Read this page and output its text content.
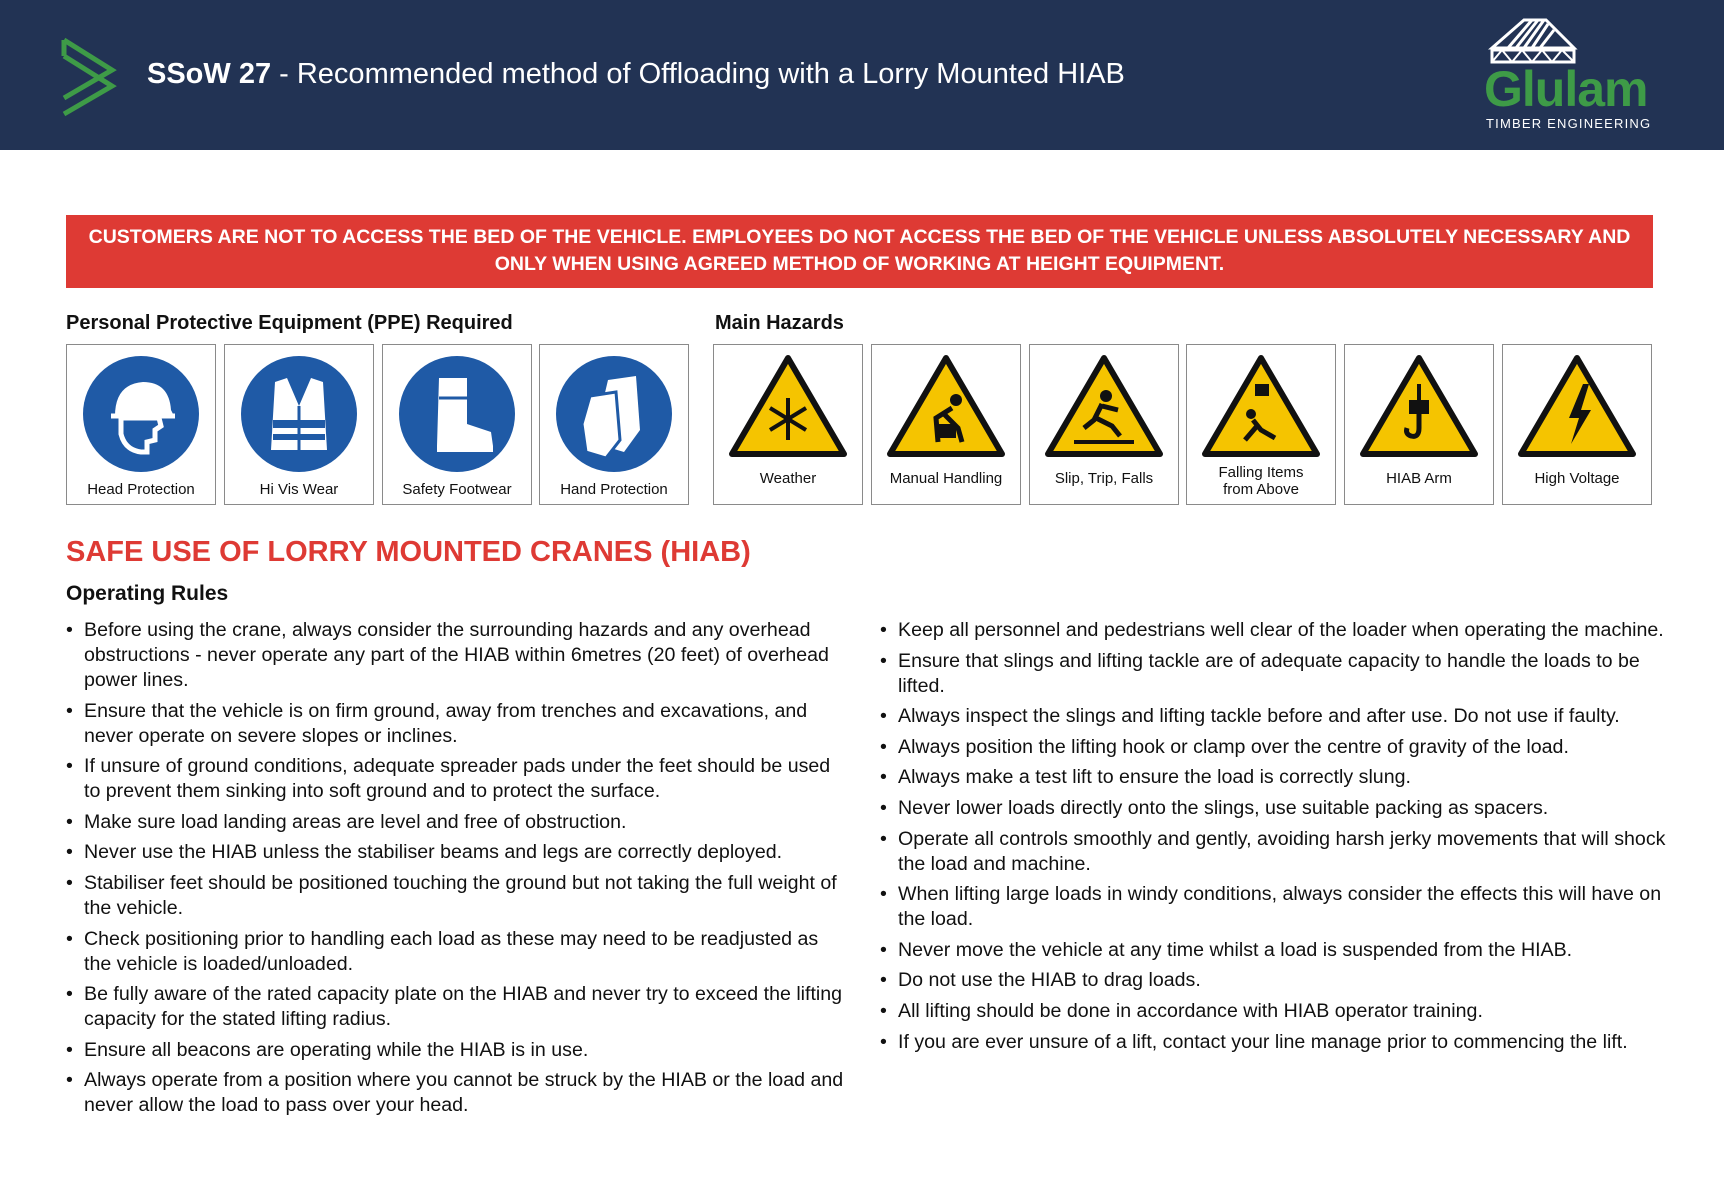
SSoW 27 - Recommended method of Offloading with a Lorry Mounted HIAB	Glulam
TIMBER ENGINEERING
CUSTOMERS ARE NOT TO ACCESS THE BED OF THE VEHICLE. EMPLOYEES DO NOT ACCESS THE BED OF THE VEHICLE UNLESS ABSOLUTELY NECESSARY AND ONLY WHEN USING AGREED METHOD OF WORKING AT HEIGHT EQUIPMENT.
Personal Protective Equipment (PPE) Required	Main Hazards
Head Protection	Hi Vis Wear	Safety Footwear	Hand Protection
Weather	Manual Handling	Slip, Trip, Falls	Falling Items
from Above
HIAB Arm	High Voltage
SAFE USE OF LORRY MOUNTED CRANES (HIAB)
Operating Rules
• Before using the crane, always consider the surrounding hazards and any overhead obstructions - never operate any part of the HIAB within 6metres (20 feet) of overhead power lines.
• Ensure that the vehicle is on firm ground, away from trenches and excavations, and never operate on severe slopes or inclines.
• If unsure of ground conditions, adequate spreader pads under the feet should be used to prevent them sinking into soft ground and to protect the surface.
• Make sure load landing areas are level and free of obstruction.
• Never use the HIAB unless the stabiliser beams and legs are correctly deployed.
• Stabiliser feet should be positioned touching the ground but not taking the full weight of the vehicle.
• Check positioning prior to handling each load as these may need to be readjusted as the vehicle is loaded/unloaded.
• Be fully aware of the rated capacity plate on the HIAB and never try to exceed the lifting capacity for the stated lifting radius.
• Ensure all beacons are operating while the HIAB is in use.
• Always operate from a position where you cannot be struck by the HIAB or the load and never allow the load to pass over your head.
• Keep all personnel and pedestrians well clear of the loader when operating the machine.
• Ensure that slings and lifting tackle are of adequate capacity to handle the loads to be lifted.
• Always inspect the slings and lifting tackle before and after use. Do not use if faulty.
• Always position the lifting hook or clamp over the centre of gravity of the load.
• Always make a test lift to ensure the load is correctly slung.
• Never lower loads directly onto the slings, use suitable packing as spacers.
• Operate all controls smoothly and gently, avoiding harsh jerky movements that will shock the load and machine.
• When lifting large loads in windy conditions, always consider the effects this will have on the load.
• Never move the vehicle at any time whilst a load is suspended from the HIAB.
• Do not use the HIAB to drag loads.
• All lifting should be done in accordance with HIAB operator training.
• If you are ever unsure of a lift, contact your line manage prior to commencing the lift.
